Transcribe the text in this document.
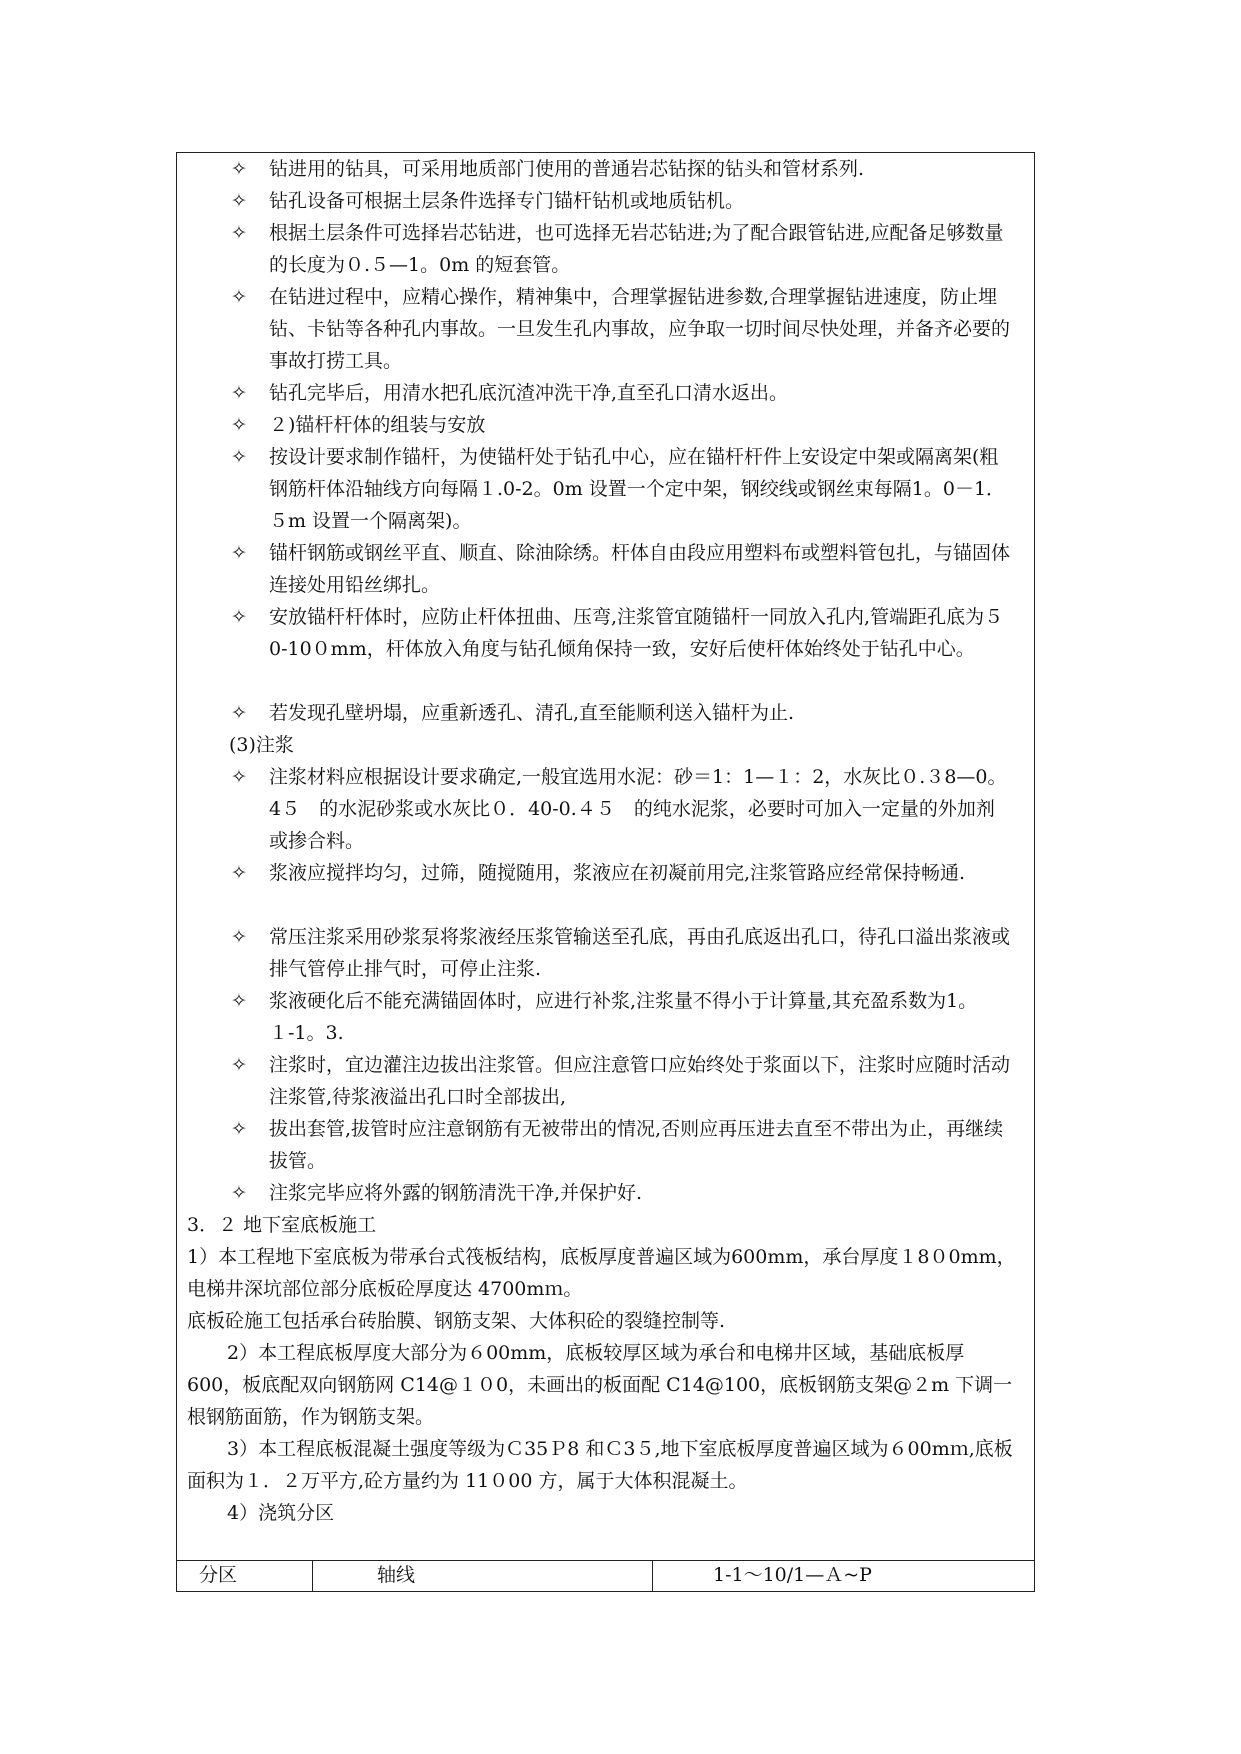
✧	钻进用的钻具，可采用地质部门使用的普通岩芯钻探的钻头和管材系列.
✧	钻孔设备可根据土层条件选择专门锚杆钻机或地质钻机。
✧	根据土层条件可选择岩芯钻进，也可选择无岩芯钻进;为了配合跟管钻进,应配备足够数量的长度为０.５—1。0m 的短套管。
✧	在钻进过程中，应精心操作，精神集中，合理掌握钻进参数,合理掌握钻进速度，防止埋钻、卡钻等各种孔内事故。一旦发生孔内事故，应争取一切时间尽快处理，并备齐必要的事故打捞工具。
✧	钻孔完毕后，用清水把孔底沉渣冲洗干净,直至孔口清水返出。
✧	２)锚杆杆体的组装与安放
✧	按设计要求制作锚杆，为使锚杆处于钻孔中心，应在锚杆杆件上安设定中架或隔离架(粗钢筋杆体沿轴线方向每隔１.0-2。0m 设置一个定中架，钢绞线或钢丝束每隔1。0－1．５m 设置一个隔离架)。
✧	锚杆钢筋或钢丝平直、顺直、除油除绣。杆体自由段应用塑料布或塑料管包扎，与锚固体连接处用铅丝绑扎。
✧	安放锚杆杆体时，应防止杆体扭曲、压弯,注浆管宜随锚杆一同放入孔内,管端距孔底为５0-10０mm，杆体放入角度与钻孔倾角保持一致，安好后使杆体始终处于钻孔中心。
✧	若发现孔壁坍塌，应重新透孔、清孔,直至能顺利送入锚杆为止.
(3)注浆
✧	注浆材料应根据设计要求确定,一般宜选用水泥：砂＝1：1—１：2，水灰比０.３8—0。4５　的水泥砂浆或水灰比０．40-0.４５　的纯水泥浆，必要时可加入一定量的外加剂或掺合料。
✧	浆液应搅拌均匀，过筛，随搅随用，浆液应在初凝前用完,注浆管路应经常保持畅通.
✧	常压注浆采用砂浆泵将浆液经压浆管输送至孔底，再由孔底返出孔口，待孔口溢出浆液或排气管停止排气时，可停止注浆.
✧	浆液硬化后不能充满锚固体时，应进行补浆,注浆量不得小于计算量,其充盈系数为1。１-1。3.
✧	注浆时，宜边灌注边拔出注浆管。但应注意管口应始终处于浆面以下，注浆时应随时活动注浆管,待浆液溢出孔口时全部拔出,
✧	拔出套管,拔管时应注意钢筋有无被带出的情况,否则应再压进去直至不带出为止，再继续拔管。
✧	注浆完毕应将外露的钢筋清洗干净,并保护好.
3．２ 地下室底板施工
1）本工程地下室底板为带承台式筏板结构，底板厚度普遍区域为600mm，承台厚度１8０0mm，电梯井深坑部位部分底板砼厚度达 4700mｍ。
底板砼施工包括承台砖胎膜、钢筋支架、大体积砼的裂缝控制等.
2）本工程底板厚度大部分为６00mm，底板较厚区域为承台和电梯井区域，基础底板厚 600，板底配双向钢筋网 C14@１０0，未画出的板面配 C14@100，底板钢筋支架@２m 下调一根钢筋面筋，作为钢筋支架。
3）本工程底板混凝土强度等级为Ｃ35Ｐ8 和Ｃ3５,地下室底板厚度普遍区域为６00mｍ,底板面积为１．２万平方,砼方量约为 11０00 方，属于大体积混凝土。
4）浇筑分区
分区	轴线	1-1～10/1—Ａ~P
